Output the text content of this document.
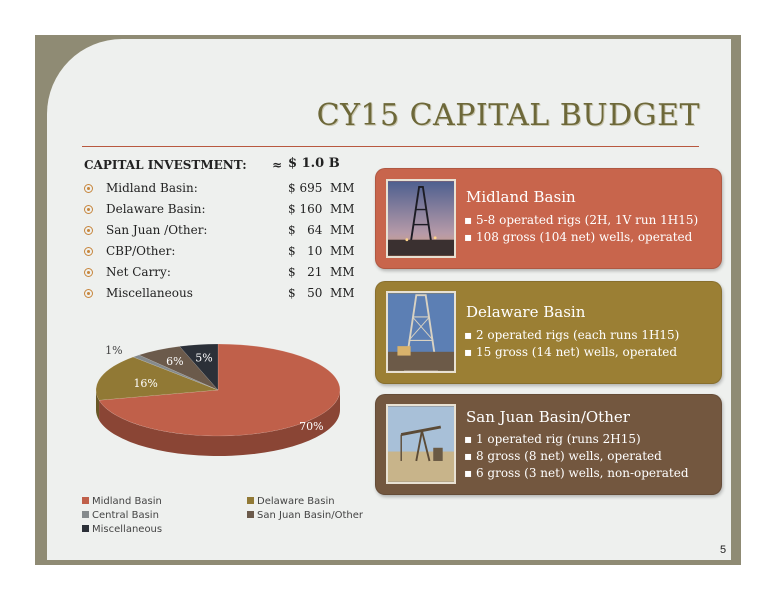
CY15 CAPITAL BUDGET
CAPITAL INVESTMENT: ≈ $ 1.0 B
Midland Basin:	$ 695  MM
Delaware Basin:	$ 160  MM
San Juan /Other:	$   64  MM
CBP/Other:	$   10  MM
Net Carry:	$   21  MM
Miscellaneous	$   50  MM
70%
16%
1%
6% 5%
Midland Basin	Delaware Basin
Central Basin	San Juan Basin/Other
Miscellaneous
Midland Basin
▪ 5-8 operated rigs (2H, 1V run 1H15)
▪ 108 gross (104 net) wells, operated
Delaware Basin
▪ 2 operated rigs (each runs 1H15)
▪ 15 gross (14 net) wells, operated
San Juan Basin/Other
▪ 1 operated rig (runs 2H15)
▪ 8 gross (8 net) wells, operated
▪ 6 gross (3 net) wells, non-operated
5
